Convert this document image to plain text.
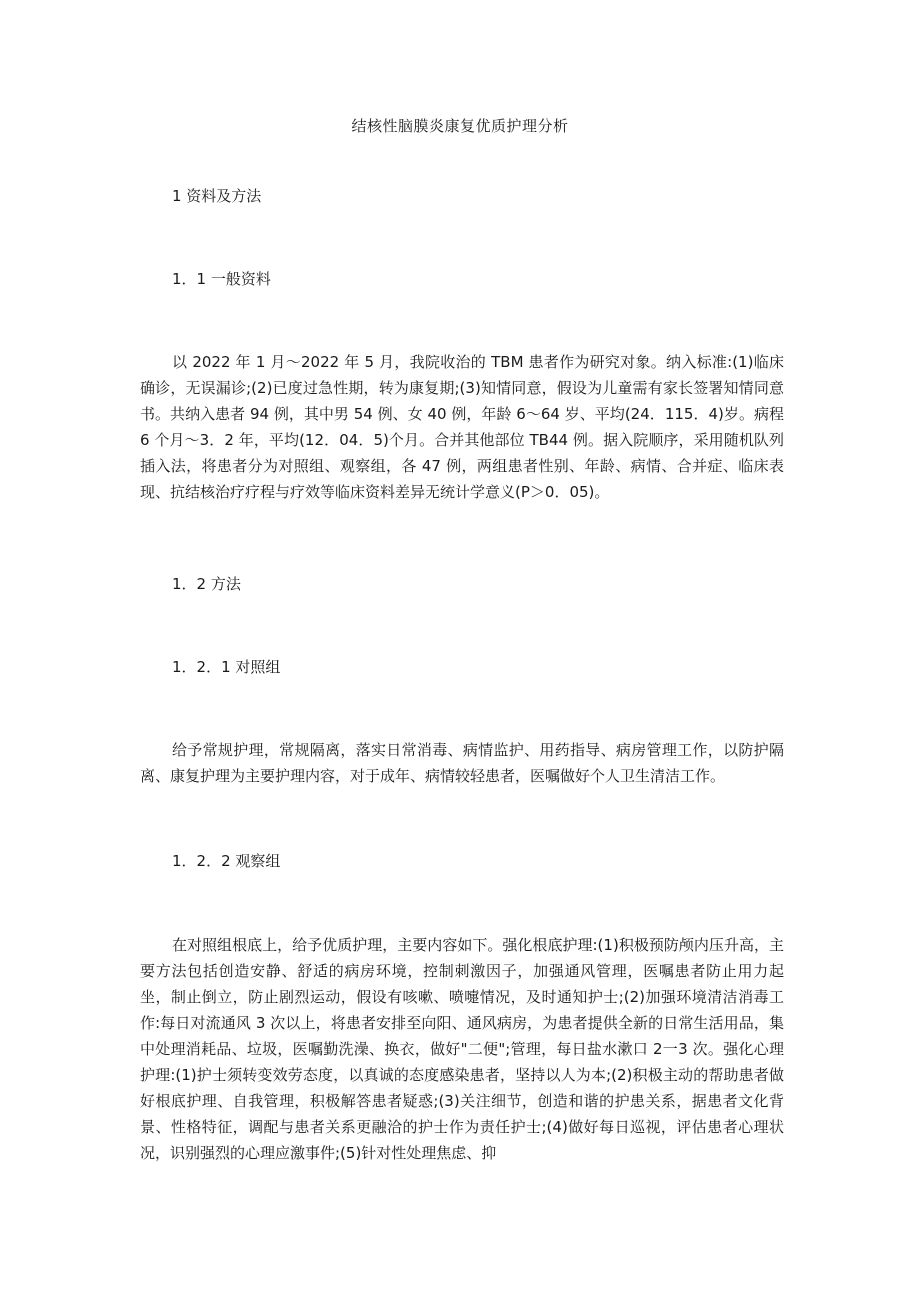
结核性脑膜炎康复优质护理分析
1 资料及方法
1．1 一般资料
以 2022 年 1 月～2022 年 5 月，我院收治的 TBM 患者作为研究对象。纳入标准:(1)临床确诊，无误漏诊;(2)已度过急性期，转为康复期;(3)知情同意，假设为儿童需有家长签署知情同意书。共纳入患者 94 例，其中男 54 例、女 40 例，年龄 6～64 岁、平均(24．115．4)岁。病程 6 个月～3．2 年，平均(12．04．5)个月。合并其他部位 TB44 例。据入院顺序，采用随机队列插入法，将患者分为对照组、观察组，各 47 例，两组患者性别、年龄、病情、合并症、临床表现、抗结核治疗疗程与疗效等临床资料差异无统计学意义(P＞0．05)。
1．2 方法
1．2．1 对照组
给予常规护理，常规隔离，落实日常消毒、病情监护、用药指导、病房管理工作，以防护隔离、康复护理为主要护理内容，对于成年、病情较轻患者，医嘱做好个人卫生清洁工作。
1．2．2 观察组
在对照组根底上，给予优质护理，主要内容如下。强化根底护理:(1)积极预防颅内压升高，主要方法包括创造安静、舒适的病房环境，控制刺激因子，加强通风管理，医嘱患者防止用力起坐，制止倒立，防止剧烈运动，假设有咳嗽、喷嚏情况，及时通知护士;(2)加强环境清洁消毒工作:每日对流通风 3 次以上，将患者安排至向阳、通风病房，为患者提供全新的日常生活用品，集中处理消耗品、垃圾，医嘱勤洗澡、换衣，做好"二便";管理，每日盐水漱口 2一3 次。强化心理护理:(1)护士须转变效劳态度，以真诚的态度感染患者，坚持以人为本;(2)积极主动的帮助患者做好根底护理、自我管理，积极解答患者疑惑;(3)关注细节，创造和谐的护患关系，据患者文化背景、性格特征，调配与患者关系更融洽的护士作为责任护士;(4)做好每日巡视，评估患者心理状况，识别强烈的心理应激事件;(5)针对性处理焦虑、抑
